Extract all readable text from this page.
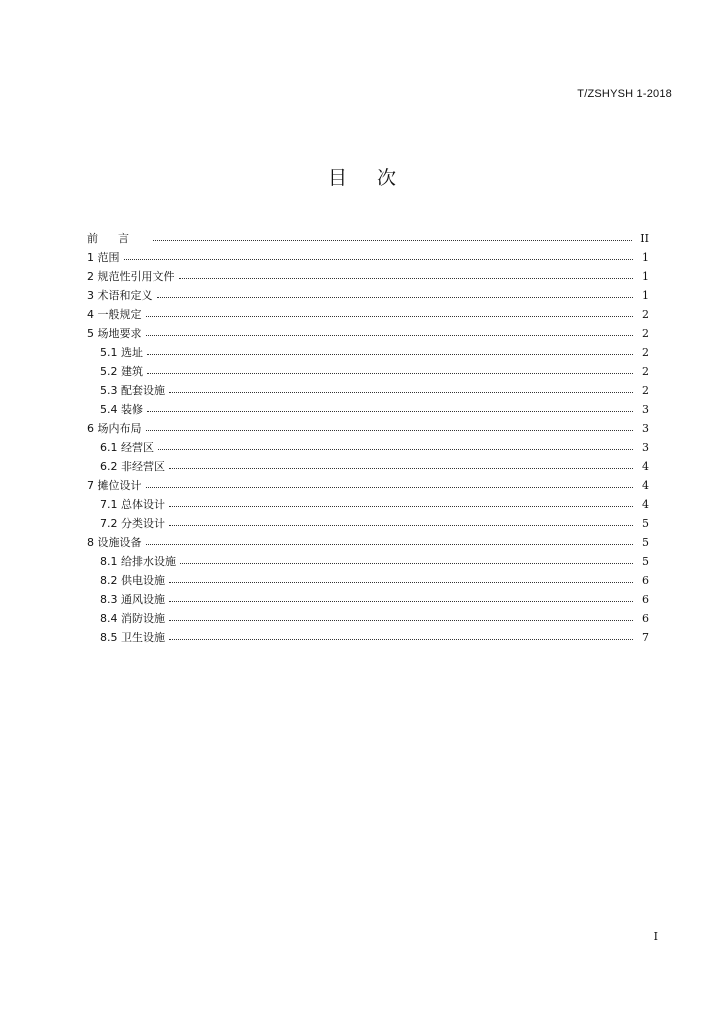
T/ZSHYSH 1-2018
目次
前言	II
1 范围	1
2 规范性引用文件	1
3 术语和定义	1
4 一般规定	2
5 场地要求	2
5.1 选址	2
5.2 建筑	2
5.3 配套设施	2
5.4 装修	3
6 场内布局	3
6.1 经营区	3
6.2 非经营区	4
7 摊位设计	4
7.1 总体设计	4
7.2 分类设计	5
8 设施设备	5
8.1 给排水设施	5
8.2 供电设施	6
8.3 通风设施	6
8.4 消防设施	6
8.5 卫生设施	7
I
